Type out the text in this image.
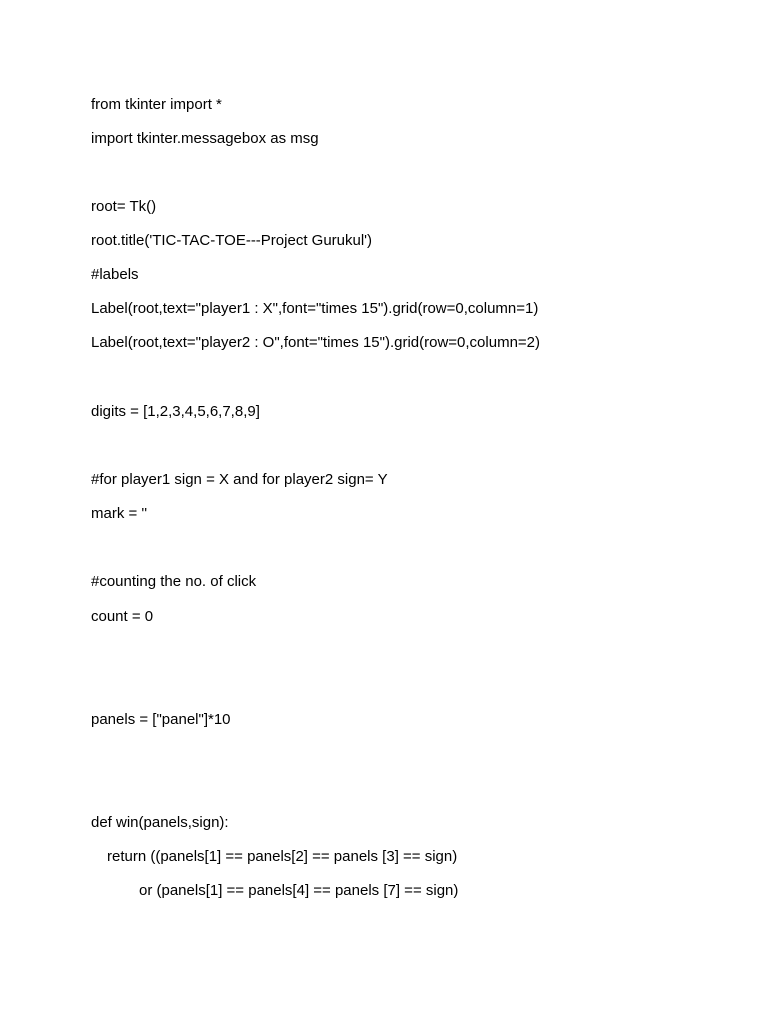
from tkinter import *
import tkinter.messagebox as msg
root= Tk()
root.title('TIC-TAC-TOE---Project Gurukul')
#labels
Label(root,text="player1 : X",font="times 15").grid(row=0,column=1)
Label(root,text="player2 : O",font="times 15").grid(row=0,column=2)
digits = [1,2,3,4,5,6,7,8,9]
#for player1 sign = X and for player2 sign= Y
mark = ''
#counting the no. of click
count = 0
panels = ["panel"]*10
def win(panels,sign):
return ((panels[1] == panels[2] == panels [3] == sign)
or (panels[1] == panels[4] == panels [7] == sign)
